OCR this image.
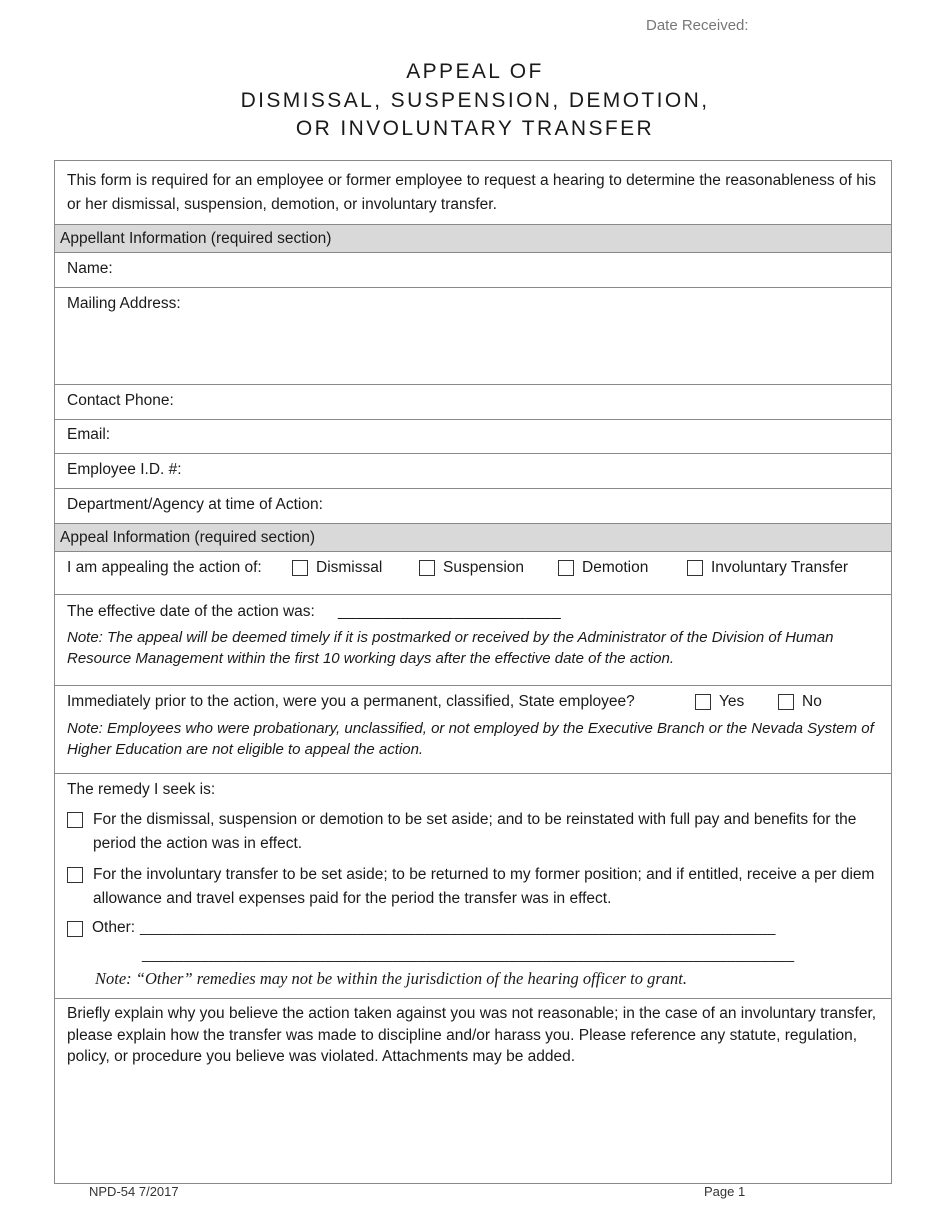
Date Received:
APPEAL OF
DISMISSAL, SUSPENSION, DEMOTION,
OR INVOLUNTARY TRANSFER
This form is required for an employee or former employee to request a hearing to determine the reasonableness of his or her dismissal, suspension, demotion, or involuntary transfer.
Appellant Information (required section)
Name:
Mailing Address:
Contact Phone:
Email:
Employee I.D. #:
Department/Agency at time of Action:
Appeal Information (required section)
I am appealing the action of:	Dismissal	Suspension	Demotion	Involuntary Transfer
The effective date of the action was: _________________________
Note: The appeal will be deemed timely if it is postmarked or received by the Administrator of the Division of Human Resource Management within the first 10 working days after the effective date of the action.
Immediately prior to the action, were you a permanent, classified, State employee?	Yes	No
Note: Employees who were probationary, unclassified, or not employed by the Executive Branch or the Nevada System of Higher Education are not eligible to appeal the action.
The remedy I seek is:
For the dismissal, suspension or demotion to be set aside; and to be reinstated with full pay and benefits for the period the action was in effect.
For the involuntary transfer to be set aside; to be returned to my former position; and if entitled, receive a per diem allowance and travel expenses paid for the period the transfer was in effect.
Other: ____________________________________________________________________________
______________________________________________________________________________
Note: “Other” remedies may not be within the jurisdiction of the hearing officer to grant.
Briefly explain why you believe the action taken against you was not reasonable; in the case of an involuntary transfer, please explain how the transfer was made to discipline and/or harass you. Please reference any statute, regulation, policy, or procedure you believe was violated. Attachments may be added.
NPD-54 7/2017	Page 1
